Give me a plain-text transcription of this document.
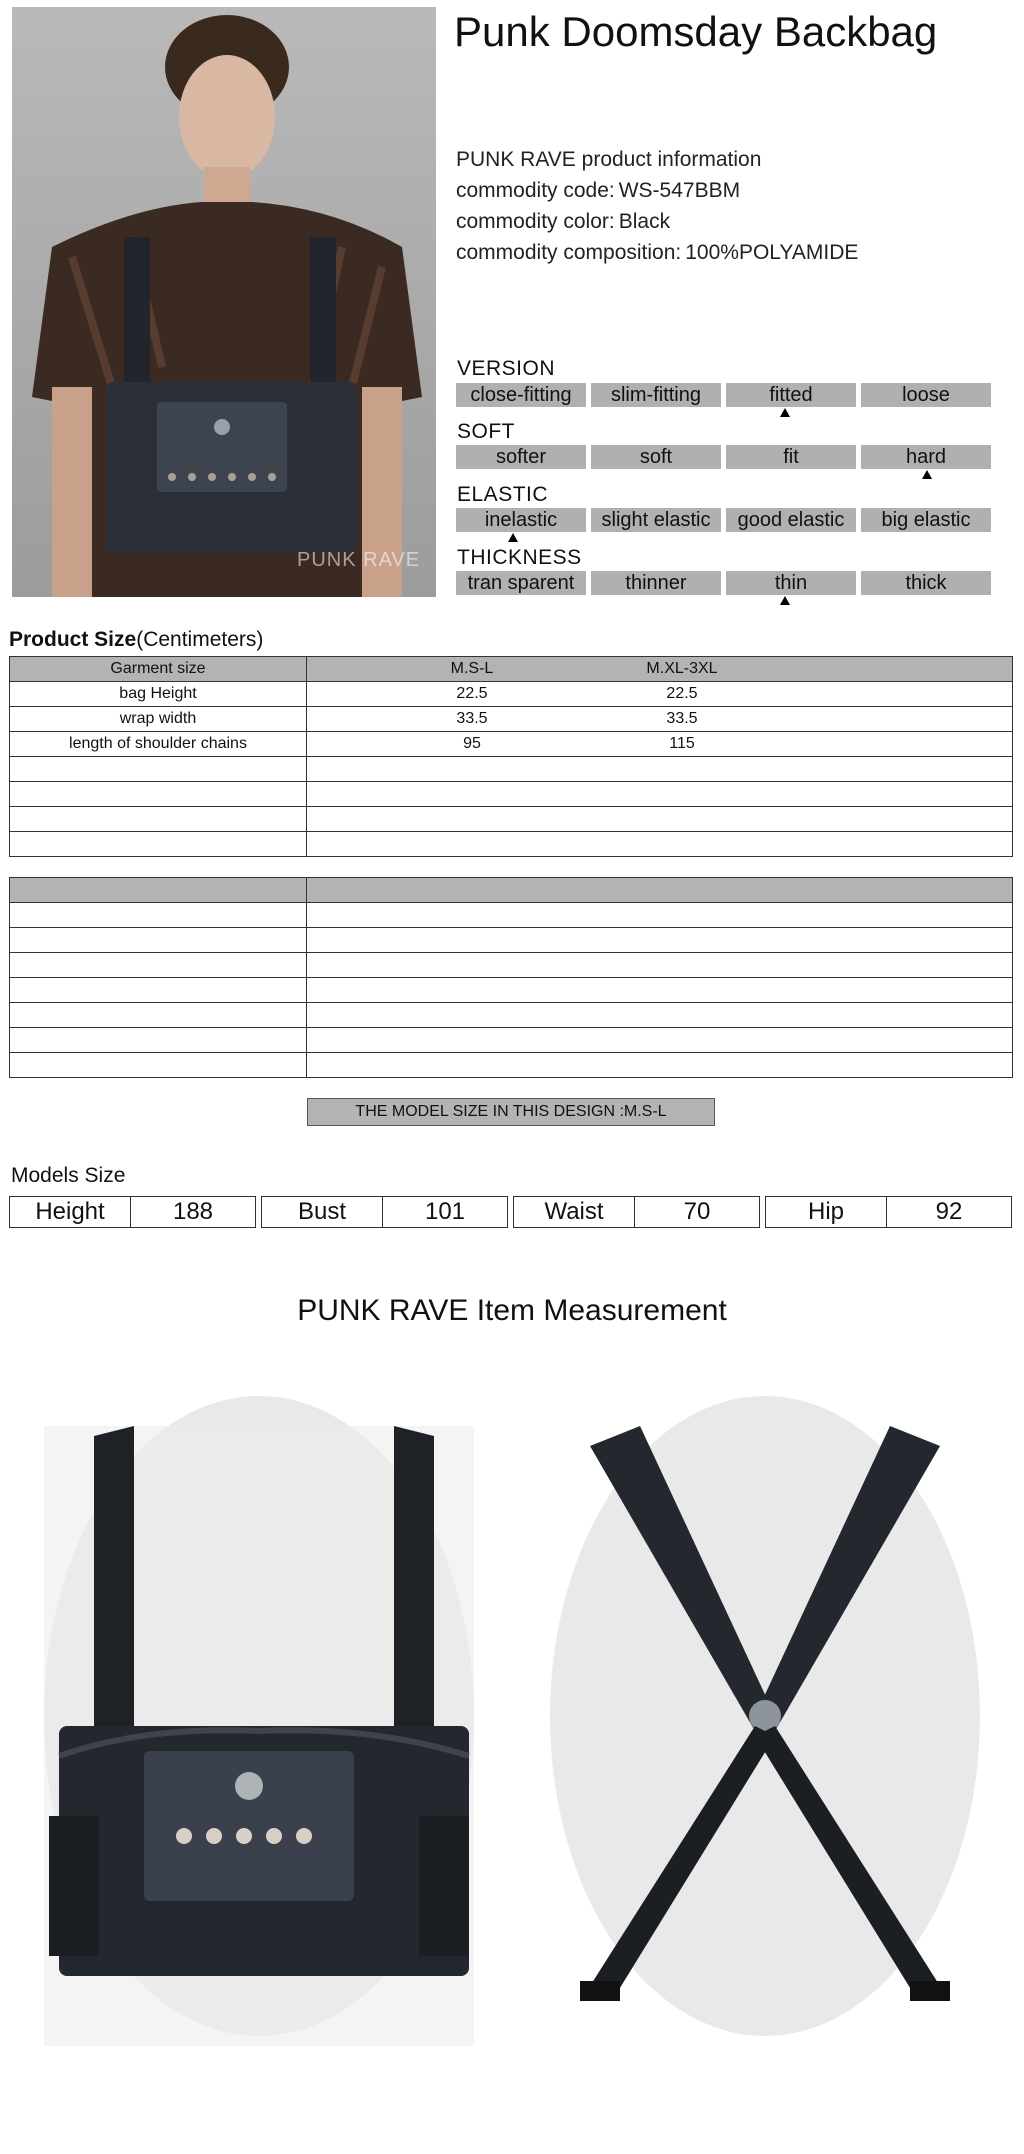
PUNK RAVE
Punk Doomsday Backbag
PUNK RAVE product information
commodity code: WS-547BBM
commodity color: Black
commodity composition: 100%POLYAMIDE
VERSION
close-fitting	slim-fitting	fitted	loose
SOFT
softer	soft	fit	hard
ELASTIC
inelastic	slight elastic	good elastic	big elastic
THICKNESS
tran sparent	thinner	thin	thick
Product Size(Centimeters)
Garment size	M.S-L M.XL-3XL
bag Height	22.5 22.5
wrap width	33.5 33.5
length of shoulder chains	95 115

THE MODEL SIZE IN THIS DESIGN :M.S-L
Models Size
Height	188	Bust	101	Waist	70	Hip	92
PUNK RAVE Item Measurement
